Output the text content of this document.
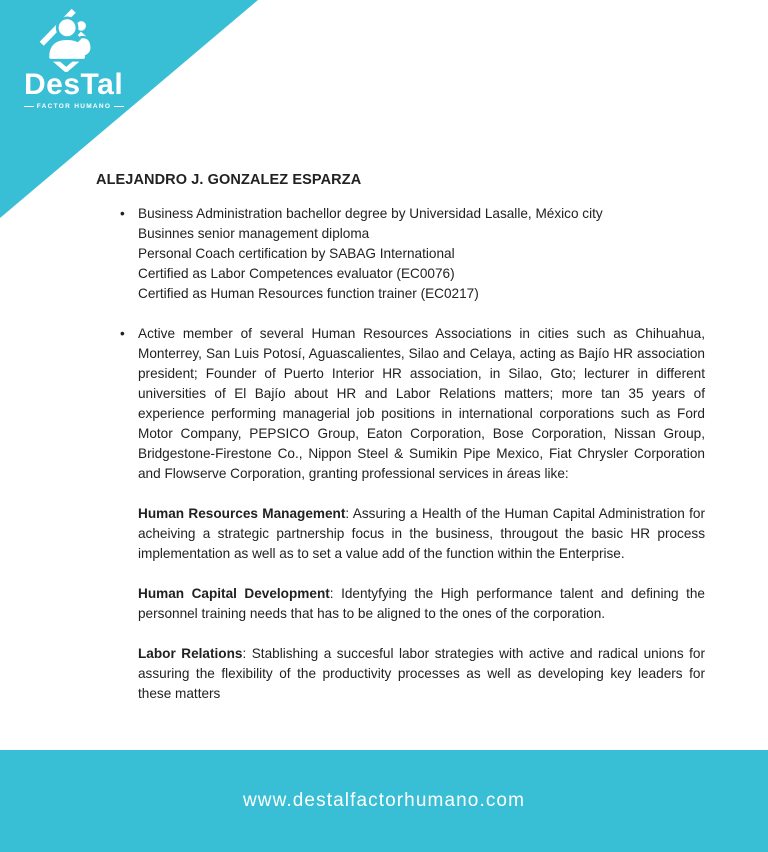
DesTal
FACTOR HUMANO
ALEJANDRO J. GONZALEZ ESPARZA
• Business Administration bachellor degree by Universidad Lasalle, México city
Businnes senior management diploma
Personal Coach certification by SABAG International
Certified as Labor Competences evaluator (EC0076)
Certified as Human Resources function trainer (EC0217)
• Active member of several Human Resources Associations in cities such as Chihuahua, Monterrey, San Luis Potosí, Aguascalientes, Silao and Celaya, acting as Bajío HR association president; Founder of Puerto Interior HR association, in Silao, Gto; lecturer in different universities of El Bajío about HR and Labor Relations matters; more tan 35 years of experience performing managerial job positions in international corporations such as Ford Motor Company, PEPSICO Group, Eaton Corporation, Bose Corporation, Nissan Group, Bridgestone-Firestone Co., Nippon Steel & Sumikin Pipe Mexico, Fiat Chrysler Corporation and Flowserve Corporation, granting professional services in áreas like:

Human Resources Management: Assuring a Health of the Human Capital Administration for acheiving a strategic partnership focus in the business, througout the basic HR process implementation as well as to set a value add of the function within the Enterprise.

Human Capital Development: Identyfying the High performance talent and defining the personnel training needs that has to be aligned to the ones of the corporation.

Labor Relations: Stablishing a succesful labor strategies with active and radical unions for assuring the flexibility of the productivity processes as well as developing key leaders for these matters

www.destalfactorhumano.com
